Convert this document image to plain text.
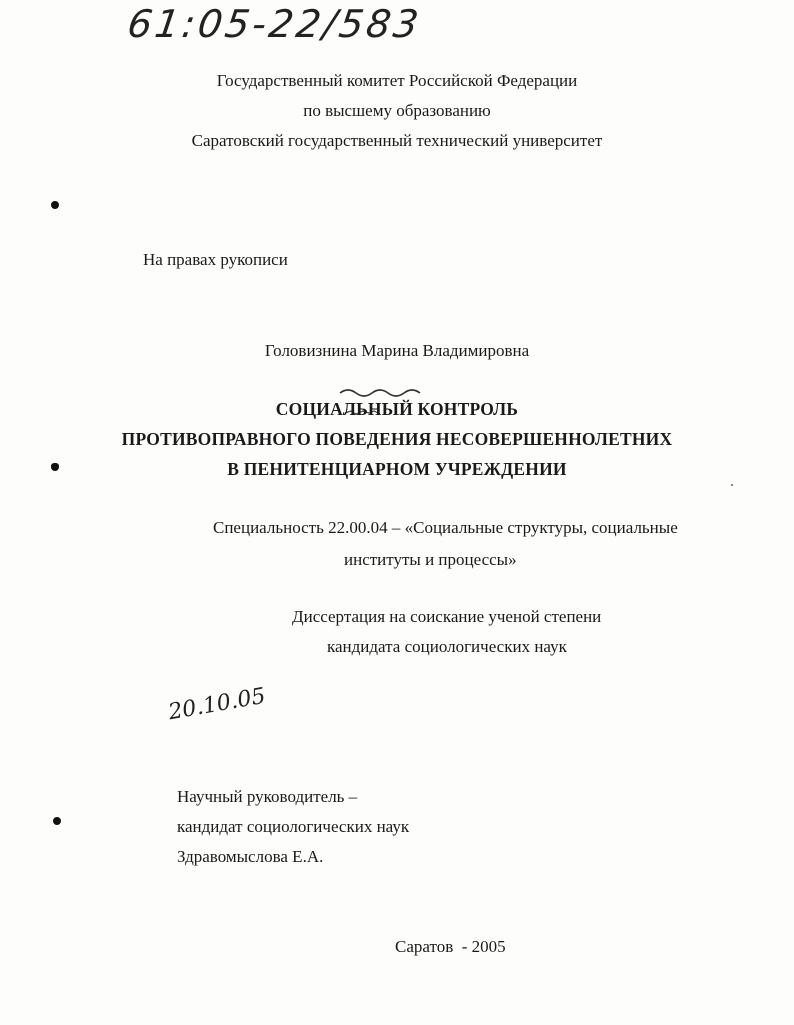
61:05-22/583
Государственный комитет Российской Федерации
по высшему образованию
Саратовский государственный технический университет
На правах рукописи
Головизнина Марина Владимировна
СОЦИАЛЬНЫЙ КОНТРОЛЬ
ПРОТИВОПРАВНОГО ПОВЕДЕНИЯ НЕСОВЕРШЕННОЛЕТНИХ
В ПЕНИТЕНЦИАРНОМ УЧРЕЖДЕНИИ
Специальность 22.00.04 – «Социальные структуры, социальные
институты и процессы»
Диссертация на соискание ученой степени
кандидата социологических наук
20.10.05
Научный руководитель –
кандидат социологических наук
Здравомыслова Е.А.
Саратов  - 2005
